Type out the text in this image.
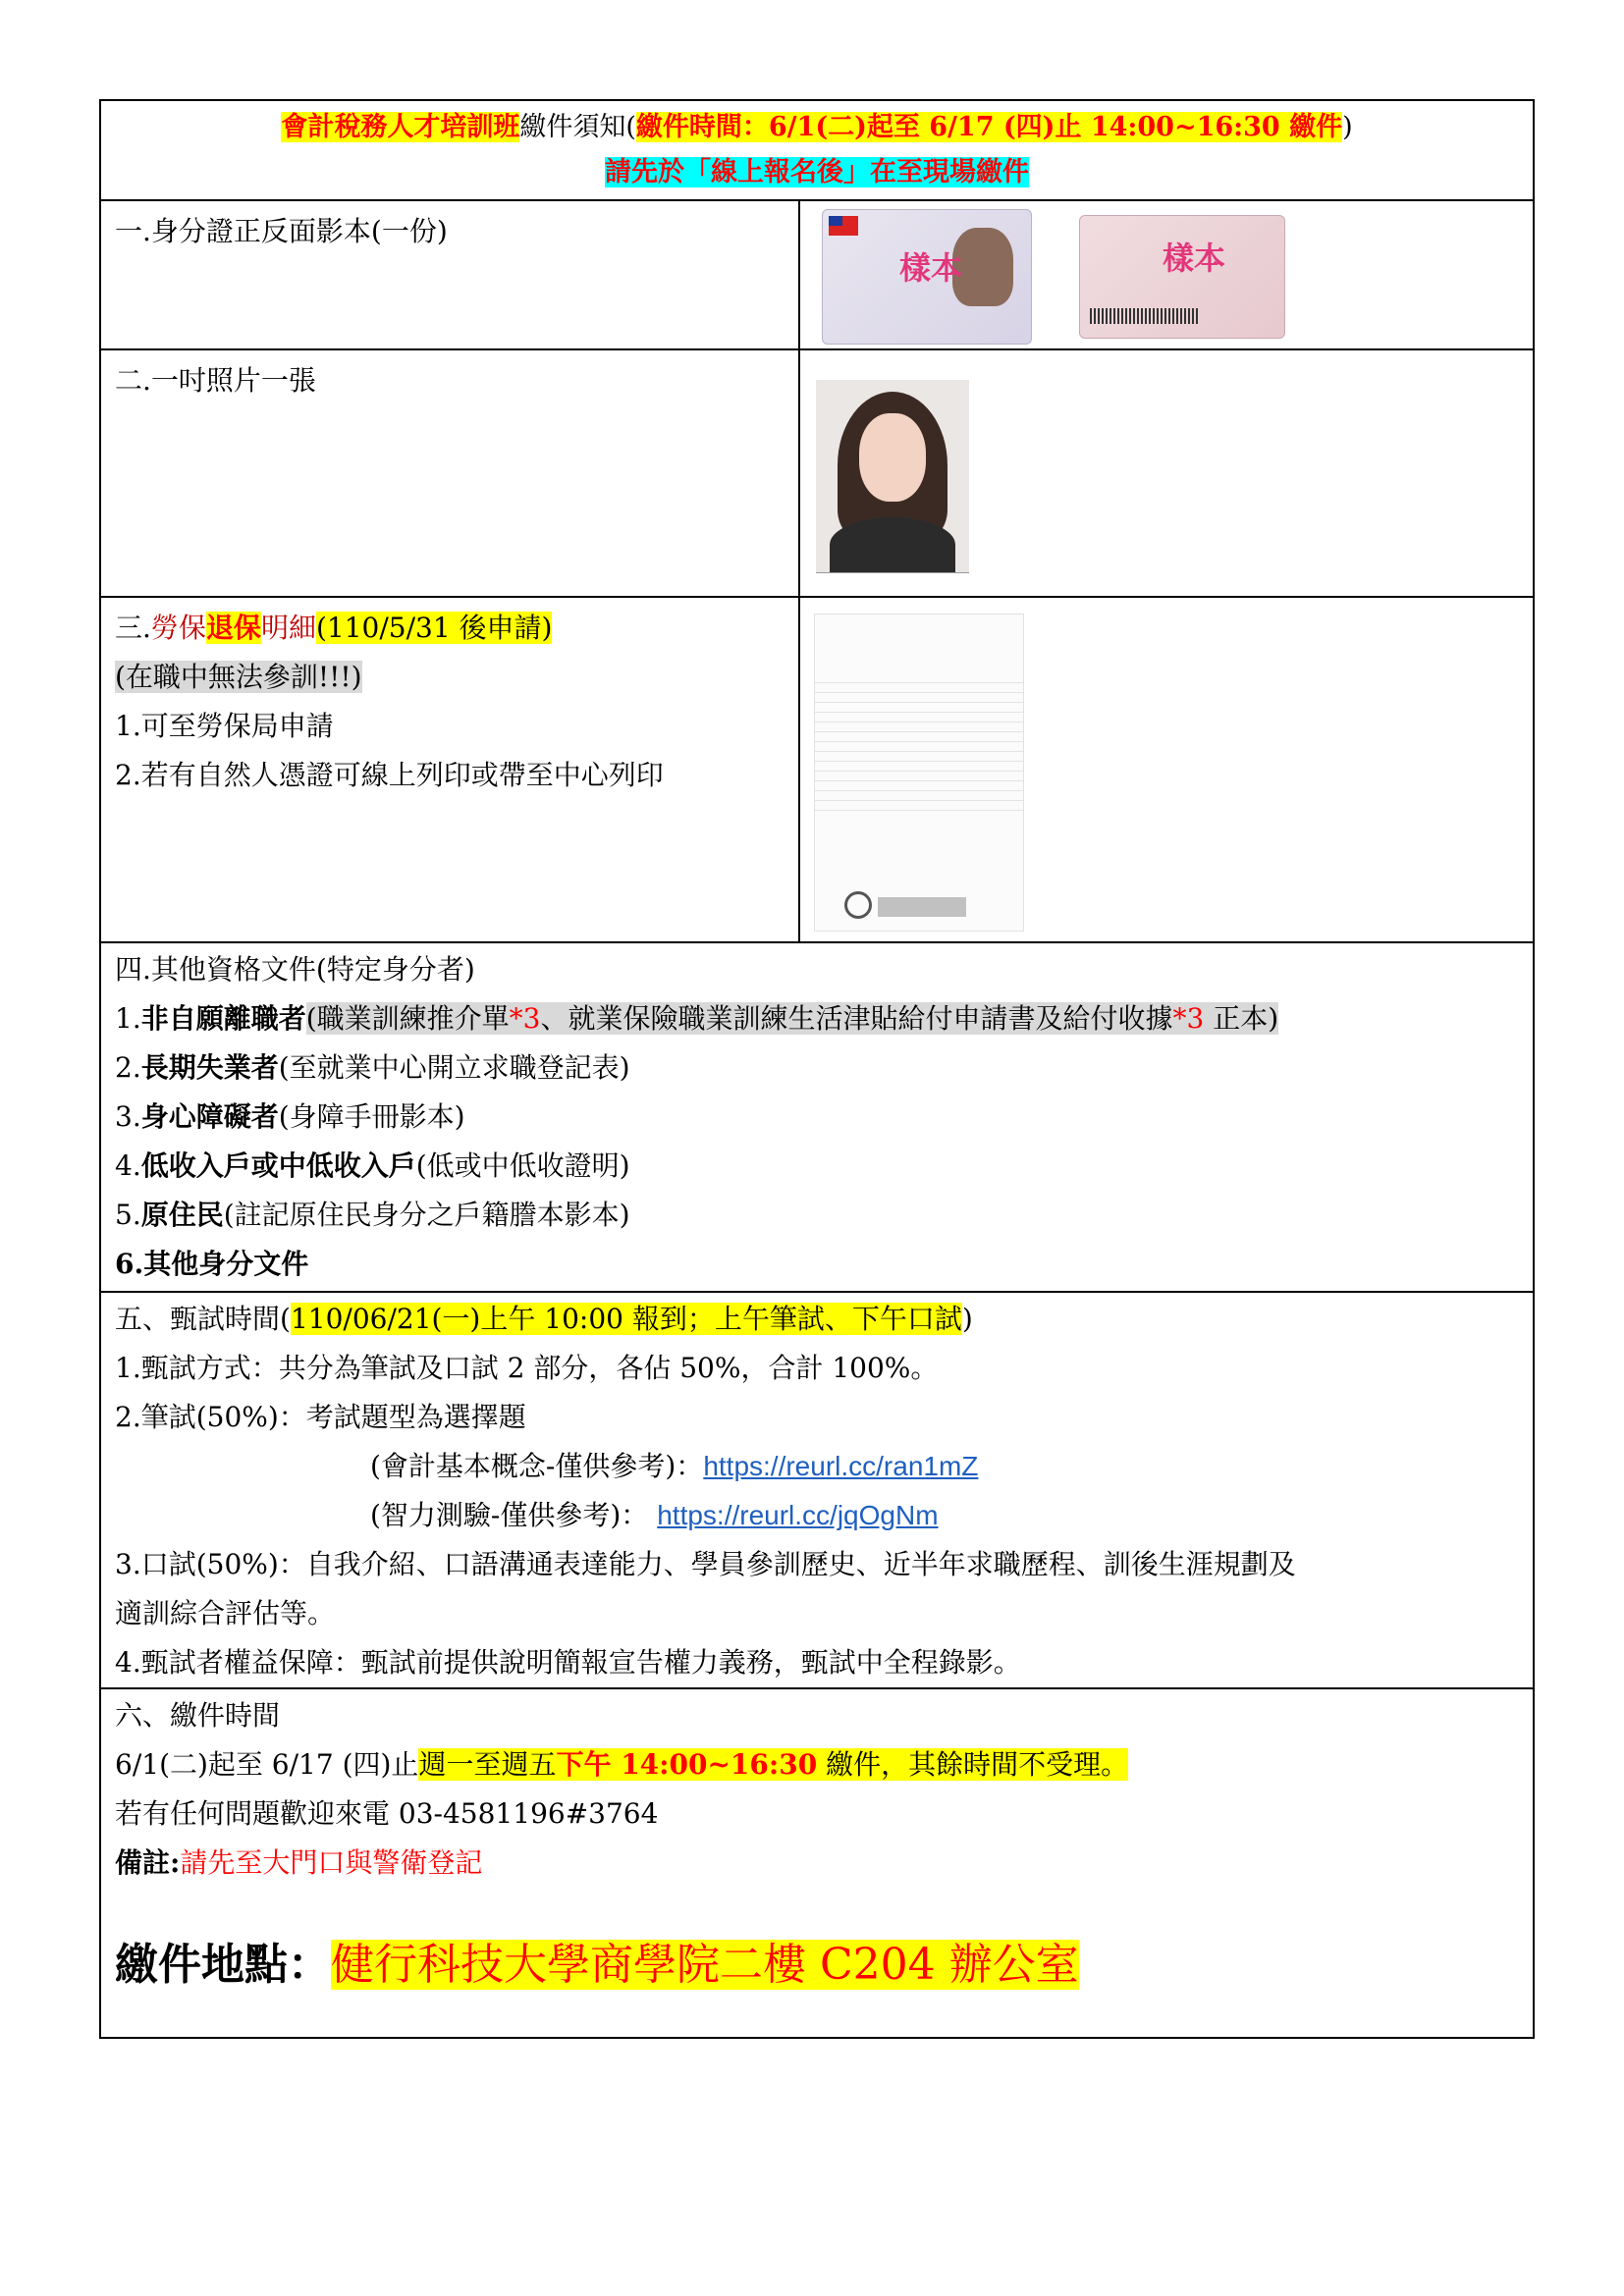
會計稅務人才培訓班繳件須知(繳件時間：6/1(二)起至 6/17 (四)止 14:00~16:30 繳件)

請先於「線上報名後」在至現場繳件

一.身分證正反面影本(一份)
樣本	樣本
二.一吋照片一張

三.勞保退保明細(110/5/31 後申請)

(在職中無法參訓!!!)

1.可至勞保局申請

2.若有自然人憑證可線上列印或帶至中心列印

四.其他資格文件(特定身分者)

1.非自願離職者(職業訓練推介單*3、就業保險職業訓練生活津貼給付申請書及給付收據*3 正本)

2.長期失業者(至就業中心開立求職登記表)

3.身心障礙者(身障手冊影本)

4.低收入戶或中低收入戶(低或中低收證明)

5.原住民(註記原住民身分之戶籍謄本影本)

6.其他身分文件

五、甄試時間(110/06/21(一)上午 10:00 報到；上午筆試、下午口試)

1.甄試方式：共分為筆試及口試 2 部分，各佔 50%，合計 100%。

2.筆試(50%)：考試題型為選擇題

(會計基本概念-僅供參考)：https://reurl.cc/ran1mZ

(智力測驗-僅供參考)： https://reurl.cc/jqOgNm

3.口試(50%)：自我介紹、口語溝通表達能力、學員參訓歷史、近半年求職歷程、訓後生涯規劃及

適訓綜合評估等。

4.甄試者權益保障：甄試前提供說明簡報宣告權力義務，甄試中全程錄影。

六、繳件時間

6/1(二)起至 6/17 (四)止週一至週五下午 14:00~16:30 繳件，其餘時間不受理。

若有任何問題歡迎來電 03-4581196#3764

備註:請先至大門口與警衛登記

繳件地點：健行科技大學商學院二樓 C204 辦公室
